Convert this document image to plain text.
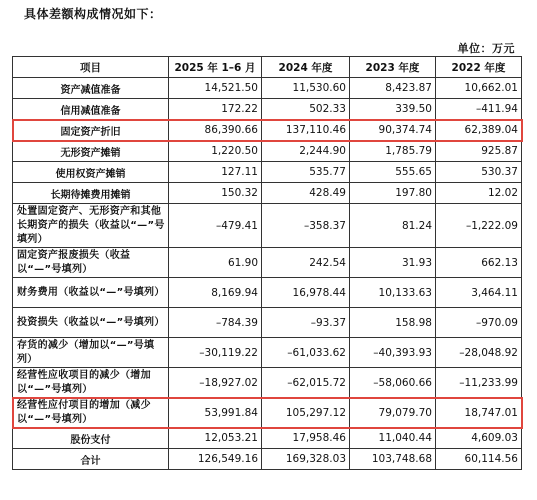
具体差额构成情况如下：
单位：万元
项目	2025 年 1–6 月	2024 年度	2023 年度	2022 年度
资产减值准备	14,521.50	11,530.60	8,423.87	10,662.01
信用减值准备	172.22	502.33	339.50	–411.94
固定资产折旧	86,390.66	137,110.46	90,374.74	62,389.04
无形资产摊销	1,220.50	2,244.90	1,785.79	925.87
使用权资产摊销	127.11	535.77	555.65	530.37
长期待摊费用摊销	150.32	428.49	197.80	12.02
处置固定资产、无形资产和其他长期资产的损失（收益以“—”号填列）	–479.41	–358.37	81.24	–1,222.09
固定资产报废损失（收益以“—”号填列）	61.90	242.54	31.93	662.13
财务费用（收益以“—”号填列）	8,169.94	16,978.44	10,133.63	3,464.11
投资损失（收益以“—”号填列）	–784.39	–93.37	158.98	–970.09
存货的减少（增加以“—”号填列）	–30,119.22	–61,033.62	–40,393.93	–28,048.92
经营性应收项目的减少（增加以“—”号填列）	–18,927.02	–62,015.72	–58,060.66	–11,233.99
经营性应付项目的增加（减少以“—”号填列）	53,991.84	105,297.12	79,079.70	18,747.01
股份支付	12,053.21	17,958.46	11,040.44	4,609.03
合计	126,549.16	169,328.03	103,748.68	60,114.56
